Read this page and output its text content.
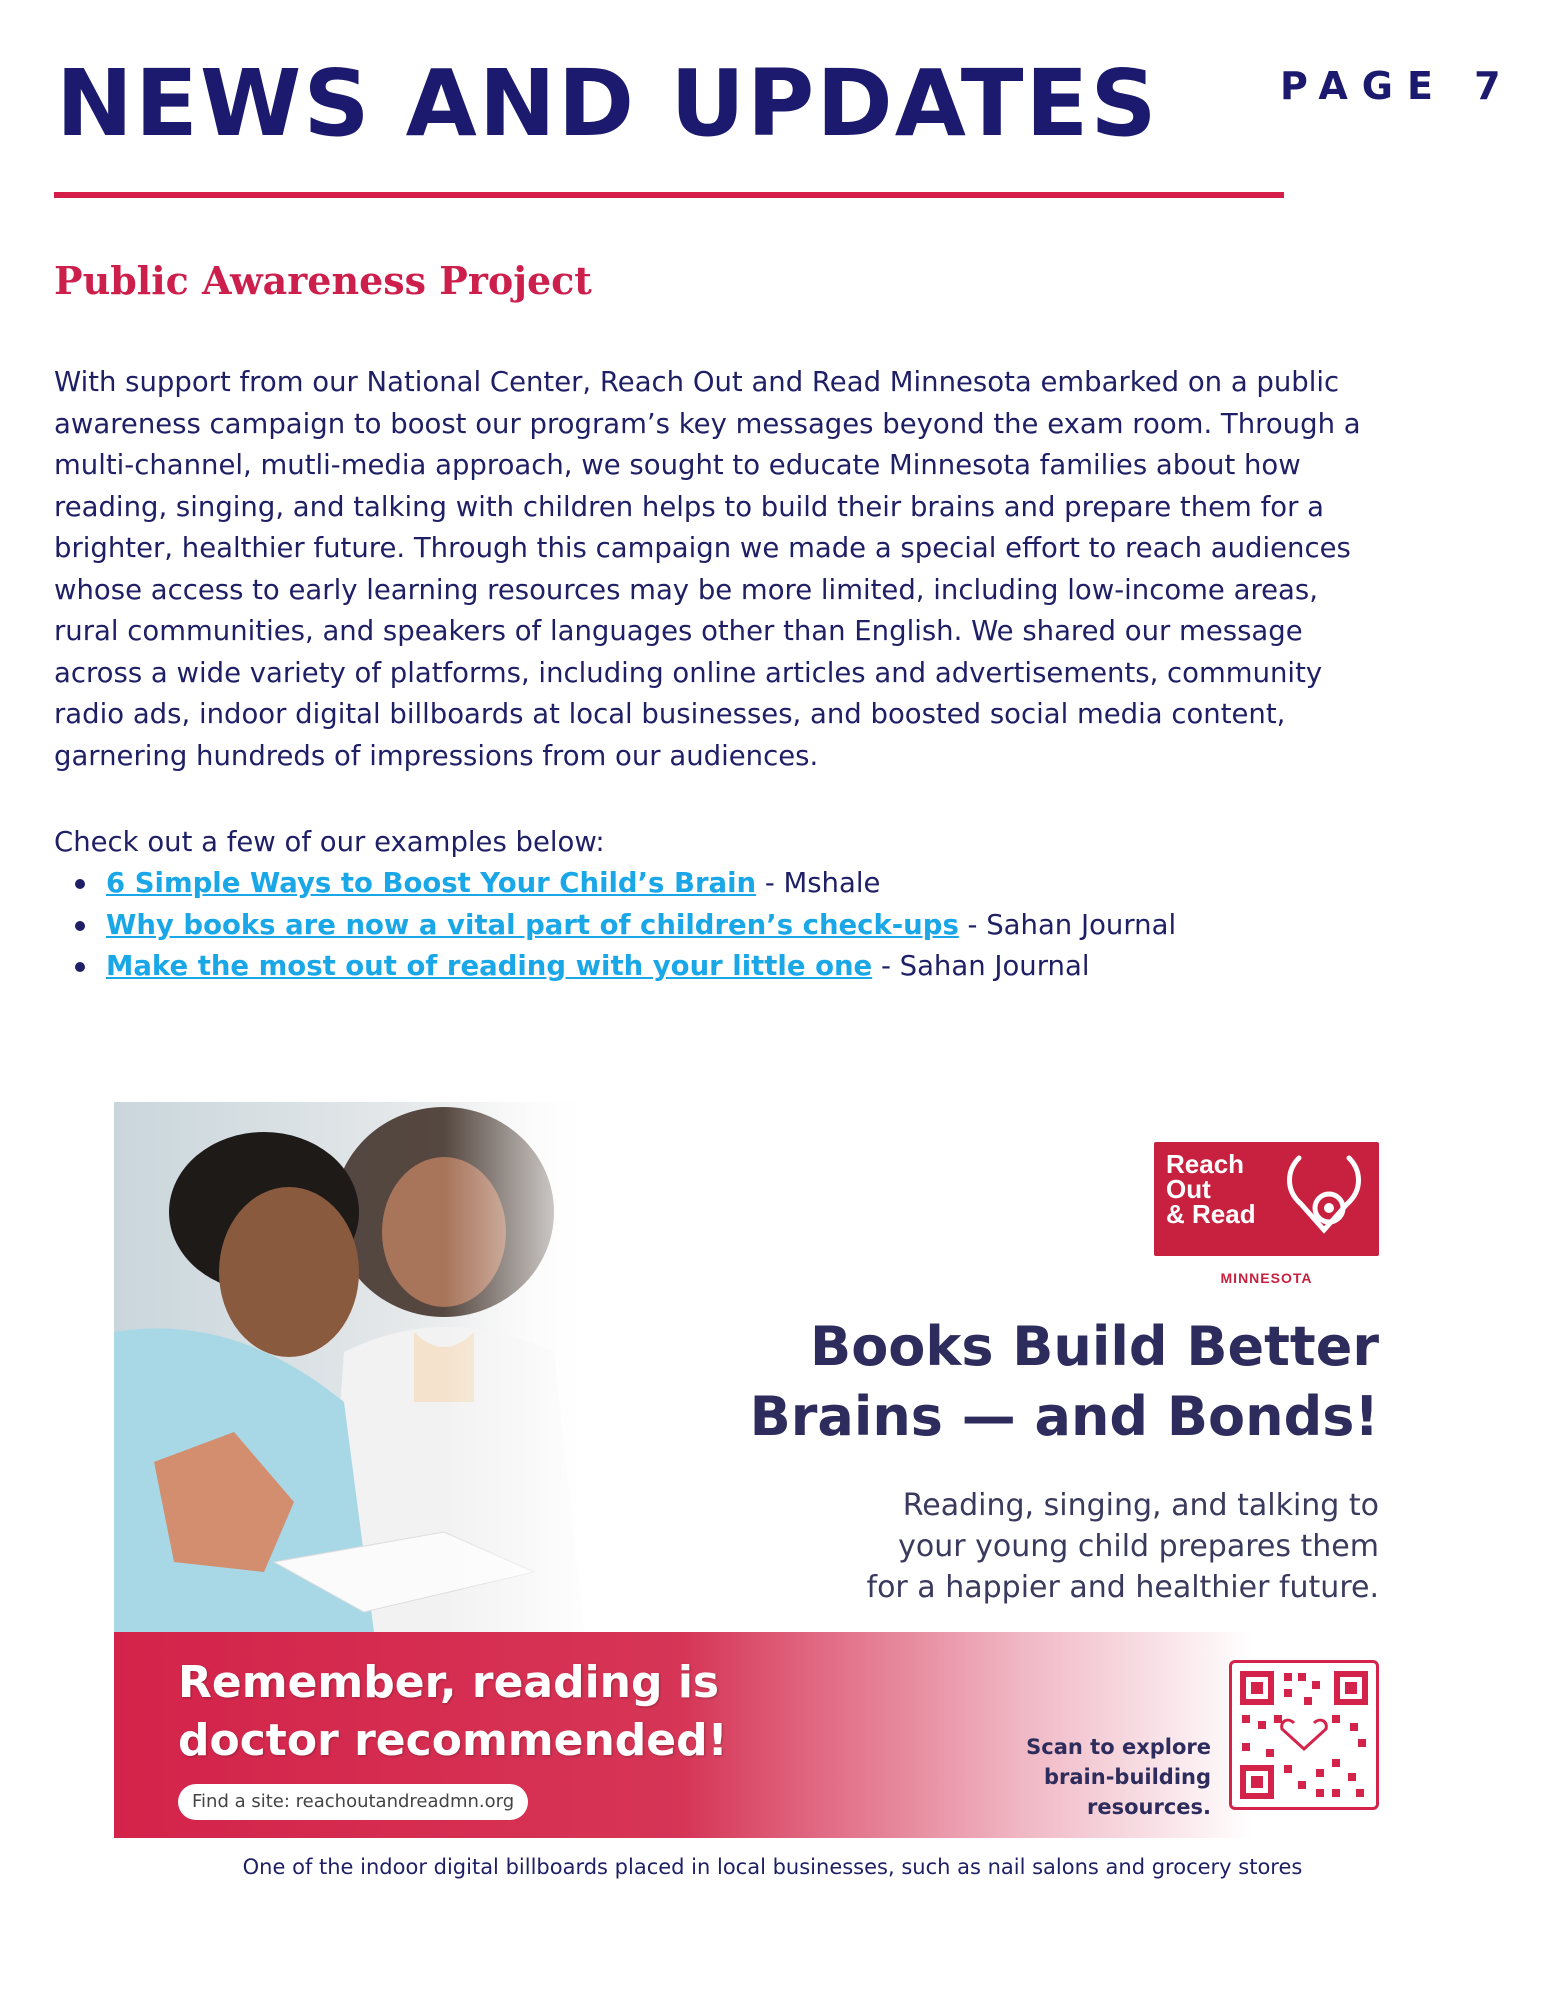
NEWS AND UPDATES	PAGE 7
Public Awareness Project
With support from our National Center, Reach Out and Read Minnesota embarked on a public
awareness campaign to boost our program’s key messages beyond the exam room. Through a
multi-channel, mutli-media approach, we sought to educate Minnesota families about how
reading, singing, and talking with children helps to build their brains and prepare them for a
brighter, healthier future. Through this campaign we made a special effort to reach audiences
whose access to early learning resources may be more limited, including low-income areas,
rural communities, and speakers of languages other than English. We shared our message
across a wide variety of platforms, including online articles and advertisements, community
radio ads, indoor digital billboards at local businesses, and boosted social media content,
garnering hundreds of impressions from our audiences.

Check out a few of our examples below:

6 Simple Ways to Boost Your Child’s Brain - Mshale
Why books are now a vital part of children’s check-ups - Sahan Journal
Make the most out of reading with your little one - Sahan Journal
Reach
Out
& Read
MINNESOTA
Books Build Better
Brains — and Bonds!

Reading, singing, and talking to
your young child prepares them
for a happier and healthier future.

Remember, reading is
doctor recommended!
Find a site: reachoutandreadmn.org
Scan to explore
brain-building
resources.

One of the indoor digital billboards placed in local businesses, such as nail salons and grocery stores
